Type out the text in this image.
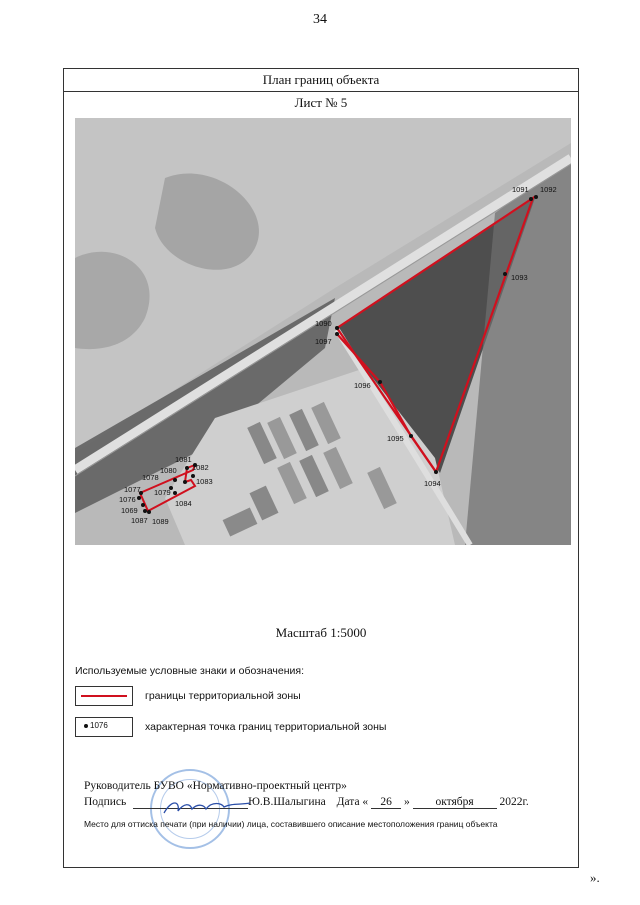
34
План границ объекта
Лист № 5
1091 1092
1093
1090
1097
1096
1095
1094
1081
1082
1080
1083
1078
1079
1077
1076	1084
1069
1087 1089
Масштаб 1:5000
Используемые условные знаки и обозначения:
границы территориальной зоны
1076	характерная точка границ территориальной зоны
Руководитель БУВО «Нормативно-проектный центр»
Подпись	Ю.В.Шалыгина Дата « 26 » октября 2022г.
Место для оттиска печати (при наличии) лица, составившего описание местоположения границ объекта
».
